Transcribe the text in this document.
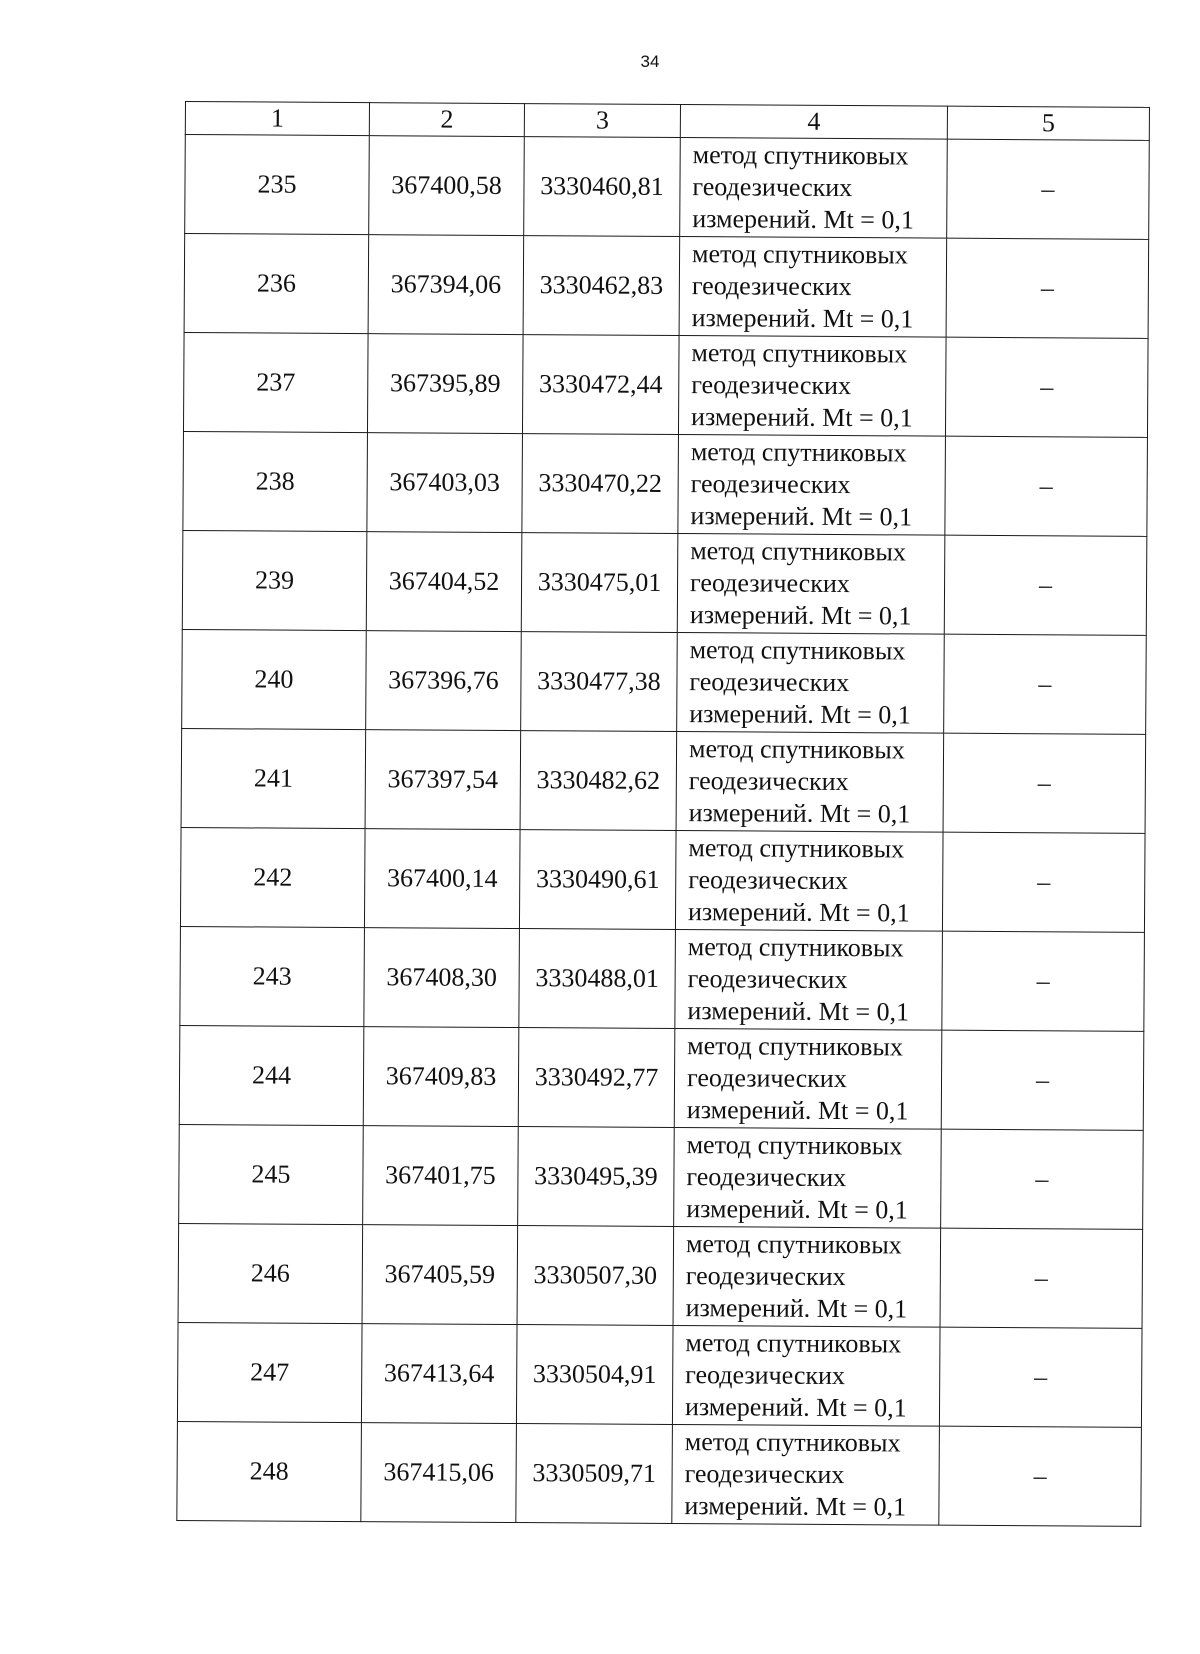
34
1	2	3	4	5
235	367400,58	3330460,81	метод спутниковых
геодезических
измерений. Mt = 0,1	–
236	367394,06	3330462,83	метод спутниковых
геодезических
измерений. Mt = 0,1	–
237	367395,89	3330472,44	метод спутниковых
геодезических
измерений. Mt = 0,1	–
238	367403,03	3330470,22	метод спутниковых
геодезических
измерений. Mt = 0,1	–
239	367404,52	3330475,01	метод спутниковых
геодезических
измерений. Mt = 0,1	–
240	367396,76	3330477,38	метод спутниковых
геодезических
измерений. Mt = 0,1	–
241	367397,54	3330482,62	метод спутниковых
геодезических
измерений. Mt = 0,1	–
242	367400,14	3330490,61	метод спутниковых
геодезических
измерений. Mt = 0,1	–
243	367408,30	3330488,01	метод спутниковых
геодезических
измерений. Mt = 0,1	–
244	367409,83	3330492,77	метод спутниковых
геодезических
измерений. Mt = 0,1	–
245	367401,75	3330495,39	метод спутниковых
геодезических
измерений. Mt = 0,1	–
246	367405,59	3330507,30	метод спутниковых
геодезических
измерений. Mt = 0,1	–
247	367413,64	3330504,91	метод спутниковых
геодезических
измерений. Mt = 0,1	–
248	367415,06	3330509,71	метод спутниковых
геодезических
измерений. Mt = 0,1	–
